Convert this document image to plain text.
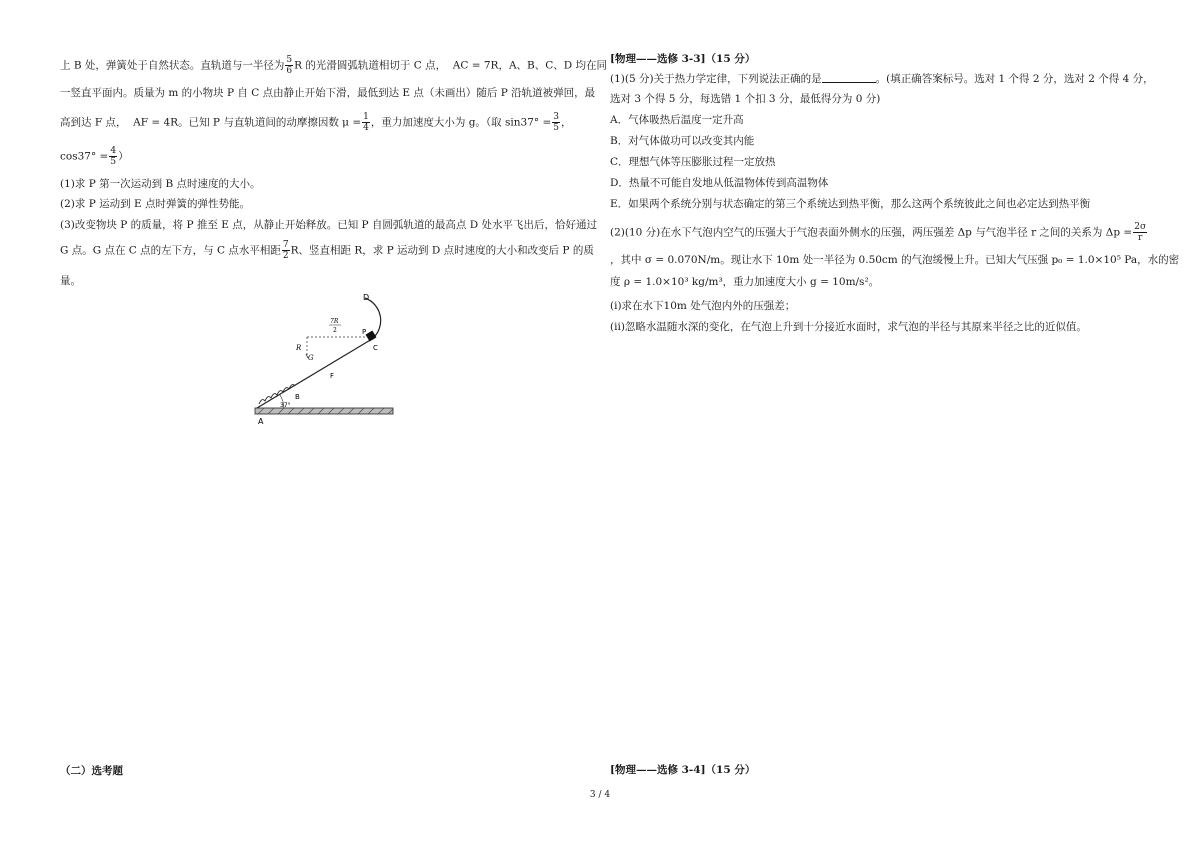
上 B 处，弹簧处于自然状态。直轨道与一半径为 $\frac{5}{6}$ R 的光滑圆弧轨道相切于 C 点， AC = 7R，A、B、C、D 均在同
一竖直平面内。质量为 m 的小物块 P 自 C 点由静止开始下滑，最低到达 E 点（未画出）随后 P 沿轨道被弹回，最
高到达 F 点， AF = 4R。已知 P 与直轨道间的动摩擦因数 $\mu = \frac{1}{4}$ ，重力加速度大小为 g。（取 $\sin 37^\circ = \frac{3}{5}$ ，
$\cos 37^\circ = \frac{4}{5}$ ）
(1)求 P 第一次运动到 B 点时速度的大小。
(2)求 P 运动到 E 点时弹簧的弹性势能。
(3)改变物块 P 的质量，将 P 推至 E 点，从静止开始释放。已知 P 自圆弧轨道的最高点 D 处水平飞出后，恰好通过
G 点。G 点在 C 点的左下方，与 C 点水平相距 $\frac{7}{2}$ R、竖直相距 R，求 P 运动到 D 点时速度的大小和改变后 P 的质
量。
D
P
C
R
G
F
B
37°
A
7R
2
[物理——选修 3-3]（15 分）
(1)(5 分)关于热力学定律，下列说法正确的是	。(填正确答案标号。选对 1 个得 2 分，选对 2 个得 4 分，
选对 3 个得 5 分，每选错 1 个扣 3 分，最低得分为 0 分)
A．气体吸热后温度一定升高
B．对气体做功可以改变其内能
C．理想气体等压膨胀过程一定放热
D．热量不可能自发地从低温物体传到高温物体
E．如果两个系统分别与状态确定的第三个系统达到热平衡，那么这两个系统彼此之间也必定达到热平衡
(2)(10 分)在水下气泡内空气的压强大于气泡表面外侧水的压强，两压强差 Δp 与气泡半径 r 之间的关系为 $\Delta p = \frac{2\sigma}{r}$
，其中 σ = 0.070N/m。现让水下 10m 处一半径为 0.50cm 的气泡缓慢上升。已知大气压强 p₀ = 1.0×10⁵ Pa，水的密
度 ρ = 1.0×10³ kg/m³，重力加速度大小 g = 10m/s²。
(i)求在水下10m 处气泡内外的压强差；
(ii)忽略水温随水深的变化，在气泡上升到十分接近水面时，求气泡的半径与其原来半径之比的近似值。
（二）选考题	[物理——选修 3-4]（15 分）
3 / 4
